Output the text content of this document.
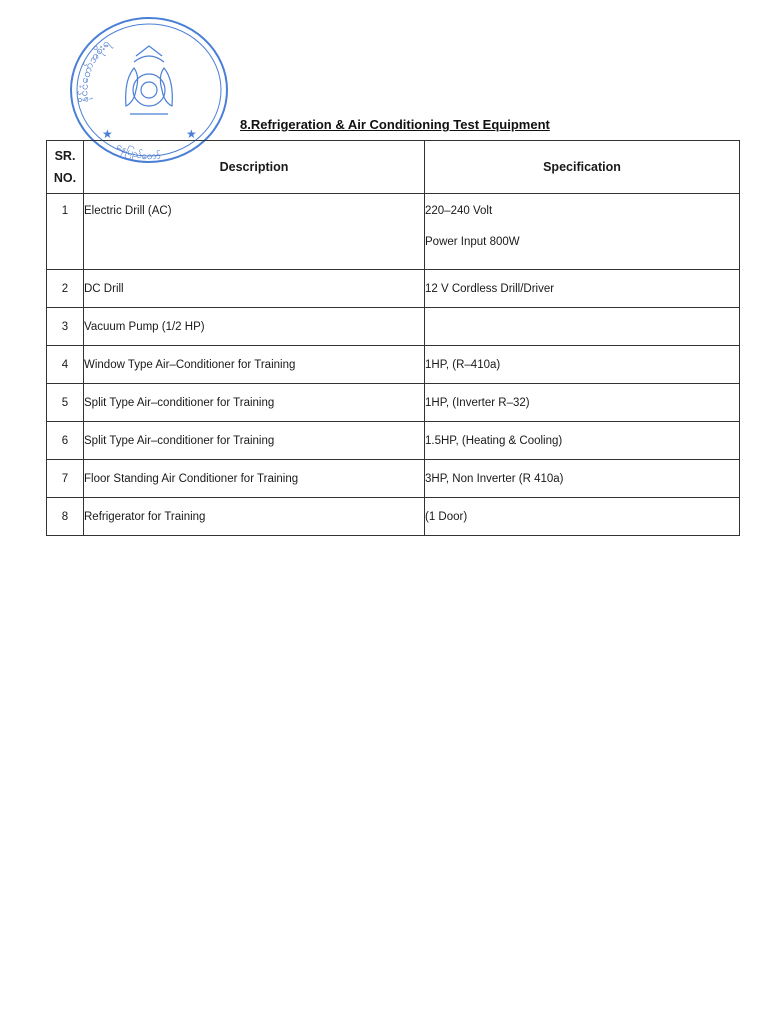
နိုင်ငံတော်အစိုးရ
နေပြည်တော်
★	★
8.Refrigeration & Air Conditioning Test Equipment
SR.
NO.	Description	Specification
1	Electric Drill (AC)	220–240 Volt
Power Input 800W

2	DC Drill	12 V Cordless Drill/Driver
3	Vacuum Pump (1/2 HP)	
4	Window Type Air–Conditioner for Training	1HP, (R–410a)
5	Split Type Air–conditioner for Training	1HP, (Inverter R–32)
6	Split Type Air–conditioner for Training	1.5HP, (Heating & Cooling)
7	Floor Standing Air Conditioner for Training	3HP, Non Inverter (R 410a)
8	Refrigerator for Training	(1 Door)
